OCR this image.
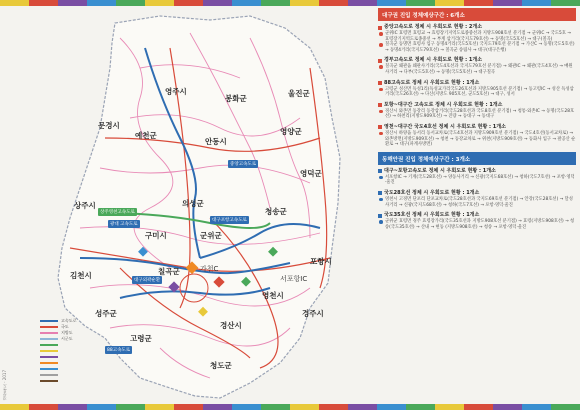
경상북도 · 2017
영주시
봉화군
울진군
문경시
예천군
안동시
영양군
영덕군
상주시	의성군
청송군
구미시	군위군
김천시	칠곡군
포항시
성주군
영천시
경산시
고령군
청도군
경주시
서포항IC
가천C
상주영천고속도로
중앙고속도로
대구외곽순환
광대 고속도로
대구포항고속도로
88고속도로
고속도로
국도
지방도
시군도
대구권 진입 정체예상구간 : 6개소
중앙고속도로 정체 시 우회도로 현황 : 2개소
군위IC 효령면 효령교 → 효령장기지역도로종중선과 지방도908호선 분기점 → 군위IC → 국도5호 → 효령장기지역도로종중선 → 부계 삼거리(국지도79호선) → 동명(국도5호선) → 대구(칠곡)
칠곡군 동명면 효령사 입구 동명4거리(국도5호선) 국지도79호선 분기점 → 가산C → 동명(국도5호선) → 동명4거리(국지도79호선) → 칠곡군 송림사 → 대구(대구은행)
경부고속도로 정체 시 우회도로 현황 : 1개소
칠곡군 왜관읍 왜관사거리(국도4호선과 국지도79호선 분기점) → 왜관IC → 왜관(국도4호선) → 매원사거리 → 다부(국도5호선) → 동명(국도5호선) → 대구칠곡
88고속도로 정체 시 우회도로 현황 : 1개소
고령군 성산면 득성1리(득성교가리국도26호선과 지방도905호선 분기점) → 동고령IC → 성산 득성삼거리(국도26호선) → 다산(지방도 905호선, 군도5호선) → 대구, 성서
포항~대구간 고속도로 정체 시 우회도로 현황 : 1개소
경산시 와촌면 동강리 동강삼거리(국도28호선과 국도8호선 분기점) → 청통·와촌IC → 동명(국도28호선) → 하천리(지방도909호선) → 진량 → 동대구 → 동대구
영천~대구간 국도4호선 정체 시 우회도로 현황 : 1개소
경산시 하양읍 동서리 동서교차로(국도4호선과 지방도909호선 분기점) → 국도4호선(동서교차로) → 와촌방면(지방도909호선) → 청천 → 동강교차로 → 위천(지방도909호선) → 동화사 입구 → 팔공산 순환로 → 대구(파계사방면)
동해안권 진입 정체예상구간 : 3개소
대구~포항고속도로 정체 시 우회도로 현황 : 1개소
서포항IC → 기계(국도28호선) → 양동사거리 → 신광(국지도68호선) → 청하(국도7호선) → 포항·영덕·울진
국도28호선 정체 시 우회도로 현황 : 1개소
영천시 고경면 단포리 단포교차로(국도28호선과 국지도69호선 분기점) → 안강(국도28호선) → 달성사거리 → 신광(국지도68호선) → 청하(국도7호선) → 포항·영덕·울진
국도35호선 정체 시 우회도로 현황 : 1개소
군위군 효령면 경주 효령장가리(국도35호선과 지방도908호선 분기점) → 효령(지방도908호선) → 청송(국도35호선) → 산내 → 현동 (지방도908호선) → 청송 → 포항·영덕·울진
